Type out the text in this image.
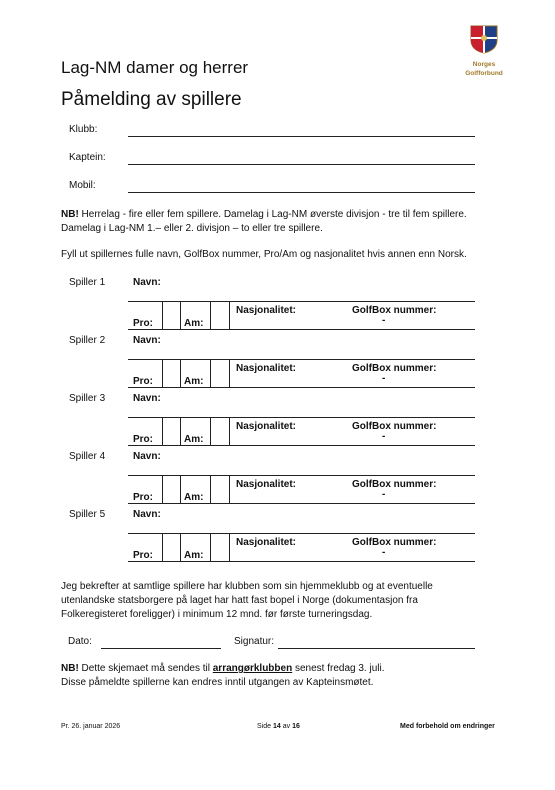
Norges
Golfforbund
Lag-NM damer og herrer
Påmelding av spillere
Klubb:
Kaptein:
Mobil:
NB! Herrelag - fire eller fem spillere. Damelag i Lag-NM øverste divisjon - tre til fem spillere.
Damelag i Lag-NM 1.– eller 2. divisjon – to eller tre spillere.
Fyll ut spillernes fulle navn, GolfBox nummer, Pro/Am og nasjonalitet hvis annen enn Norsk.
Spiller 1	Navn:
Pro:	Am:
Nasjonalitet:	GolfBox nummer:
-
Spiller 2	Navn:
Pro:	Am:
Nasjonalitet:	GolfBox nummer:
-
Spiller 3	Navn:
Pro:	Am:
Nasjonalitet:	GolfBox nummer:
-
Spiller 4	Navn:
Pro:	Am:
Nasjonalitet:	GolfBox nummer:
-
Spiller 5	Navn:
Pro:	Am:
Nasjonalitet:	GolfBox nummer:
-
Jeg bekrefter at samtlige spillere har klubben som sin hjemmeklubb og at eventuelle
utenlandske statsborgere på laget har hatt fast bopel i Norge (dokumentasjon fra
Folkeregisteret foreligger) i minimum 12 mnd. før første turneringsdag.
Dato:	Signatur:
NB! Dette skjemaet må sendes til arrangørklubben senest fredag 3. juli.
Disse påmeldte spillerne kan endres inntil utgangen av Kapteinsmøtet.
Pr. 26. januar 2026	Side 14 av 16	Med forbehold om endringer
